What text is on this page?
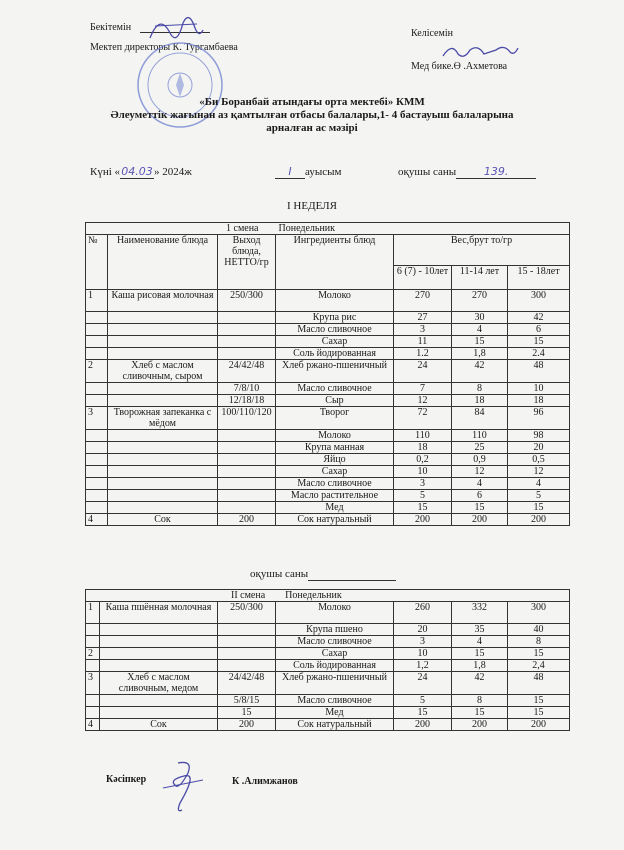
Бекітемін
Мектеп директоры К. Тургамбаева
Келісемін
Мед бике.Ө .Ахметова
«Би Боранбай атындағы орта мектебі» КММ
Әлеуметтік жағынан аз қамтылған отбасы балалары,1- 4 бастауыш балаларына
арналған ас мәзірі
Күні «04.03» 2024ж	I ауысым	оқушы саны	139.
I НЕДЕЛЯ
1 смена Понедельник						
№	Наименование блюда	Выход блюда, НЕТТО/гр	Ингредиенты блюд	Вес,брут то/гр		
				6 (7) - 10лет	11-14 лет	15 - 18лет
1	Каша рисовая молочная	250/300	Молоко	270	270	300
			Крупа рис	27	30	42
			Масло сливочное	3	4	6
			Сахар	11	15	15
			Соль йодированная	1.2	1,8	2.4
2	Хлеб с маслом сливочным, сыром	24/42/48	Хлеб ржано-пшеничный	24	42	48
		7/8/10	Масло сливочное	7	8	10
		12/18/18	Сыр	12	18	18
3	Творожная запеканка с мёдом	100/110/120	Творог	72	84	96
			Молоко	110	110	98
			Крупа манная	18	25	20
			Яйцо	0,2	0,9	0,5
			Сахар	10	12	12
			Масло сливочное	3	4	4
			Масло растительное	5	6	5
			Мед	15	15	15
4	Сок	200	Сок натуральный	200	200	200
оқушы саны
II смена Понедельник						
1	Каша пшённая молочная	250/300	Молоко	260	332	300
			Крупа пшено	20	35	40
			Масло сливочное	3	4	8
2			Сахар	10	15	15
			Соль йодированная	1,2	1,8	2,4
3	Хлеб с маслом сливочным, медом	24/42/48	Хлеб ржано-пшеничный	24	42	48
		5/8/15	Масло сливочное	5	8	15
		15	Мед	15	15	15
4	Сок	200	Сок натуральный	200	200	200
Кәсіпкер	К .Алимжанов
